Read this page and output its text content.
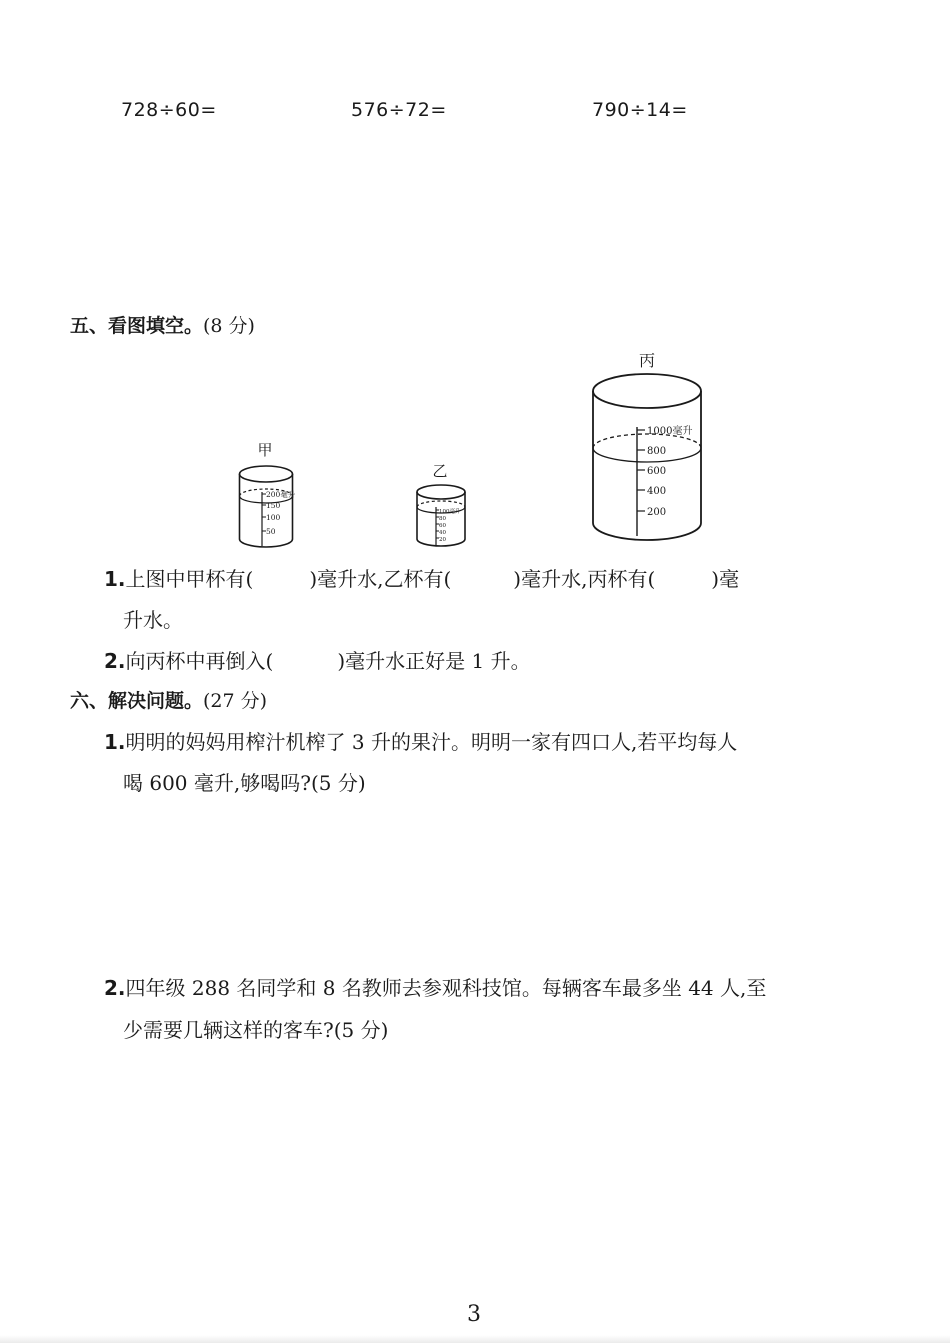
728÷60=	576÷72=	790÷14=
五、看图填空。(8 分)
甲
200毫升
150
100
50
乙
100毫升
80
60
40
20
丙
1000毫升
800
600
400
200
1.上图中甲杯有(	)毫升水,乙杯有(	)毫升水,丙杯有(	)毫
升水。
2.向丙杯中再倒入(	)毫升水正好是 1 升。
六、解决问题。(27 分)
1.明明的妈妈用榨汁机榨了 3 升的果汁。明明一家有四口人,若平均每人
喝 600 毫升,够喝吗?(5 分)
2.四年级 288 名同学和 8 名教师去参观科技馆。每辆客车最多坐 44 人,至
少需要几辆这样的客车?(5 分)
3
